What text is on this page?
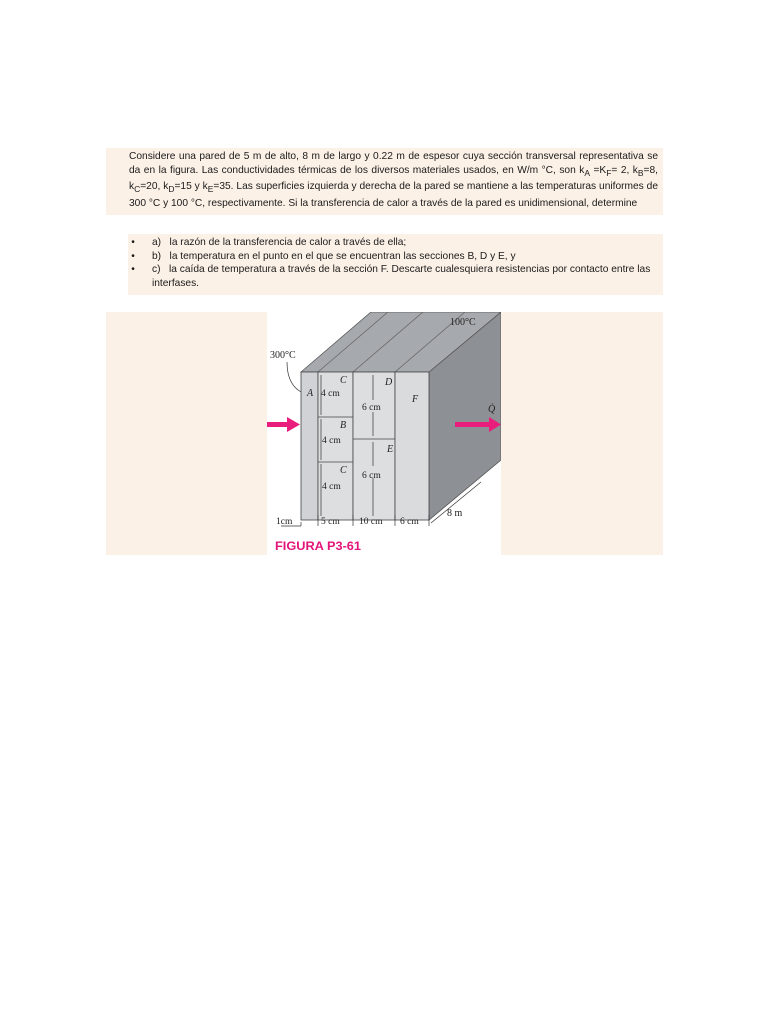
Considere una pared de 5 m de alto, 8 m de largo y 0.22 m de espesor cuya sección transversal representativa se da en la figura. Las conductividades térmicas de los diversos materiales usados, en W/m °C, son $k_A =K_F= 2$, $k_B=8$, $k_C=20$, $k_D=15$ y $k_E=35$. Las superficies izquierda y derecha de la pared se mantiene a las temperaturas uniformes de 300 °C y 100 °C, respectivamente. Si la transferencia de calor a través de la pared es unidimensional, determine

•	a)   la razón de la transferencia de calor a través de ella;
•	b)   la temperatura en el punto en el que se encuentran las secciones B, D y E, y
•	c)   la caída de temperatura a través de la sección F. Descarte cualesquiera resistencias por contacto entre las interfases.
A
C
B
C
D
E
F
4 cm
4 cm
4 cm
6 cm
6 cm
300°C
100°C
Q̇
8 m
1cm	5 cm 10 cm 6 cm
FIGURA P3-61
